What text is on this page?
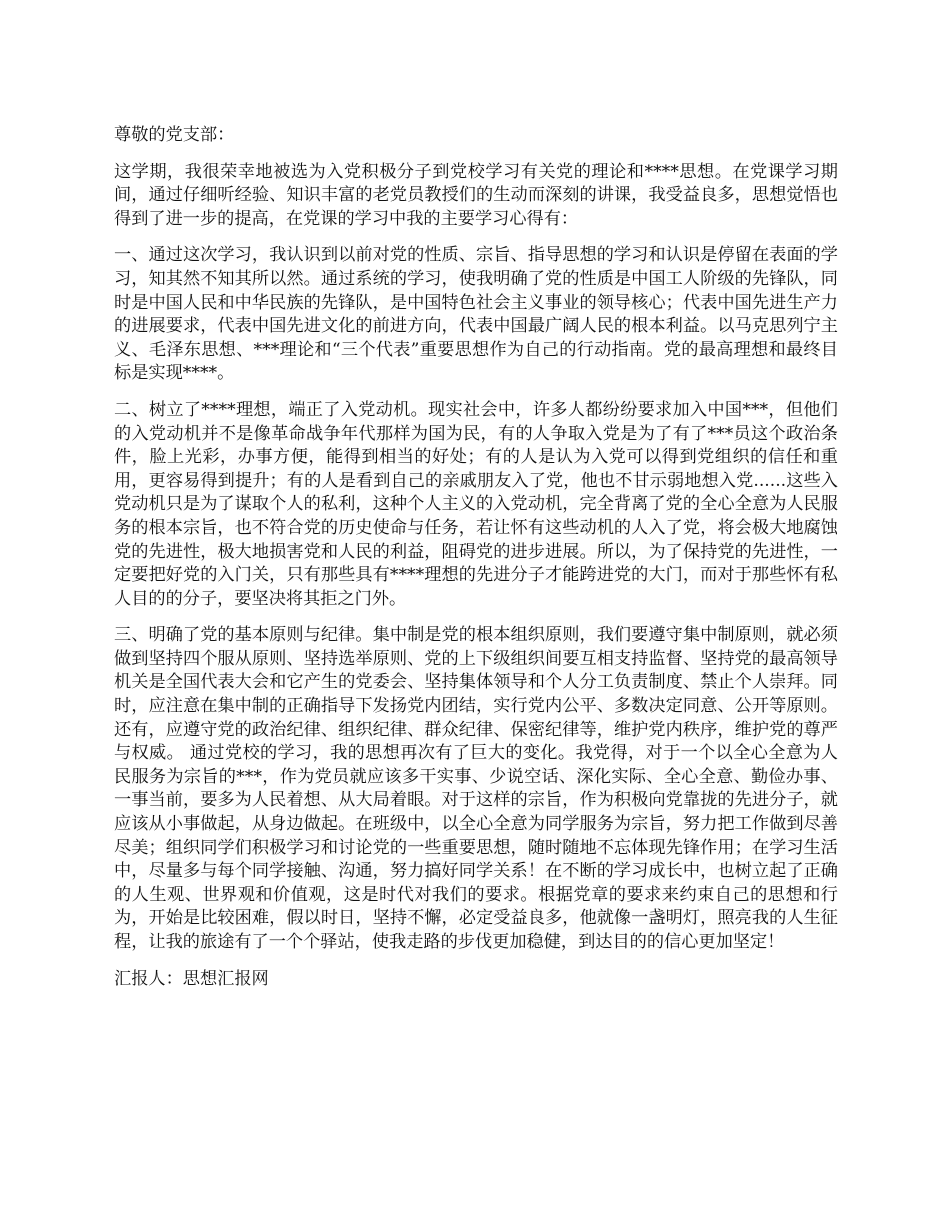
尊敬的党支部：

这学期，我很荣幸地被选为入党积极分子到党校学习有关党的理论和****思想。在党课学习期间，通过仔细听经验、知识丰富的老党员教授们的生动而深刻的讲课，我受益良多，思想觉悟也得到了进一步的提高，在党课的学习中我的主要学习心得有：

一、通过这次学习，我认识到以前对党的性质、宗旨、指导思想的学习和认识是停留在表面的学习，知其然不知其所以然。通过系统的学习，使我明确了党的性质是中国工人阶级的先锋队，同时是中国人民和中华民族的先锋队，是中国特色社会主义事业的领导核心；代表中国先进生产力的进展要求，代表中国先进文化的前进方向，代表中国最广阔人民的根本利益。以马克思列宁主义、毛泽东思想、***理论和“三个代表”重要思想作为自己的行动指南。党的最高理想和最终目标是实现****。

二、树立了****理想，端正了入党动机。现实社会中，许多人都纷纷要求加入中国***，但他们的入党动机并不是像革命战争年代那样为国为民，有的人争取入党是为了有了***员这个政治条件，脸上光彩，办事方便，能得到相当的好处；有的人是认为入党可以得到党组织的信任和重用，更容易得到提升；有的人是看到自己的亲戚朋友入了党，他也不甘示弱地想入党......这些入党动机只是为了谋取个人的私利，这种个人主义的入党动机，完全背离了党的全心全意为人民服务的根本宗旨，也不符合党的历史使命与任务，若让怀有这些动机的人入了党，将会极大地腐蚀党的先进性，极大地损害党和人民的利益，阻碍党的进步进展。所以，为了保持党的先进性，一定要把好党的入门关，只有那些具有****理想的先进分子才能跨进党的大门，而对于那些怀有私人目的的分子，要坚决将其拒之门外。

三、明确了党的基本原则与纪律。集中制是党的根本组织原则，我们要遵守集中制原则，就必须做到坚持四个服从原则、坚持选举原则、党的上下级组织间要互相支持监督、坚持党的最高领导机关是全国代表大会和它产生的党委会、坚持集体领导和个人分工负责制度、禁止个人崇拜。同时，应注意在集中制的正确指导下发扬党内团结，实行党内公平、多数决定同意、公开等原则。还有，应遵守党的政治纪律、组织纪律、群众纪律、保密纪律等，维护党内秩序，维护党的尊严与权威。 通过党校的学习，我的思想再次有了巨大的变化。我党得，对于一个以全心全意为人民服务为宗旨的***，作为党员就应该多干实事、少说空话、深化实际、全心全意、勤俭办事、一事当前，要多为人民着想、从大局着眼。对于这样的宗旨，作为积极向党靠拢的先进分子，就应该从小事做起，从身边做起。在班级中，以全心全意为同学服务为宗旨，努力把工作做到尽善尽美；组织同学们积极学习和讨论党的一些重要思想，随时随地不忘体现先锋作用；在学习生活中，尽量多与每个同学接触、沟通，努力搞好同学关系！在不断的学习成长中，也树立起了正确的人生观、世界观和价值观，这是时代对我们的要求。根据党章的要求来约束自己的思想和行为，开始是比较困难，假以时日，坚持不懈，必定受益良多，他就像一盏明灯，照亮我的人生征程，让我的旅途有了一个个驿站，使我走路的步伐更加稳健，到达目的的信心更加坚定！

汇报人：思想汇报网
